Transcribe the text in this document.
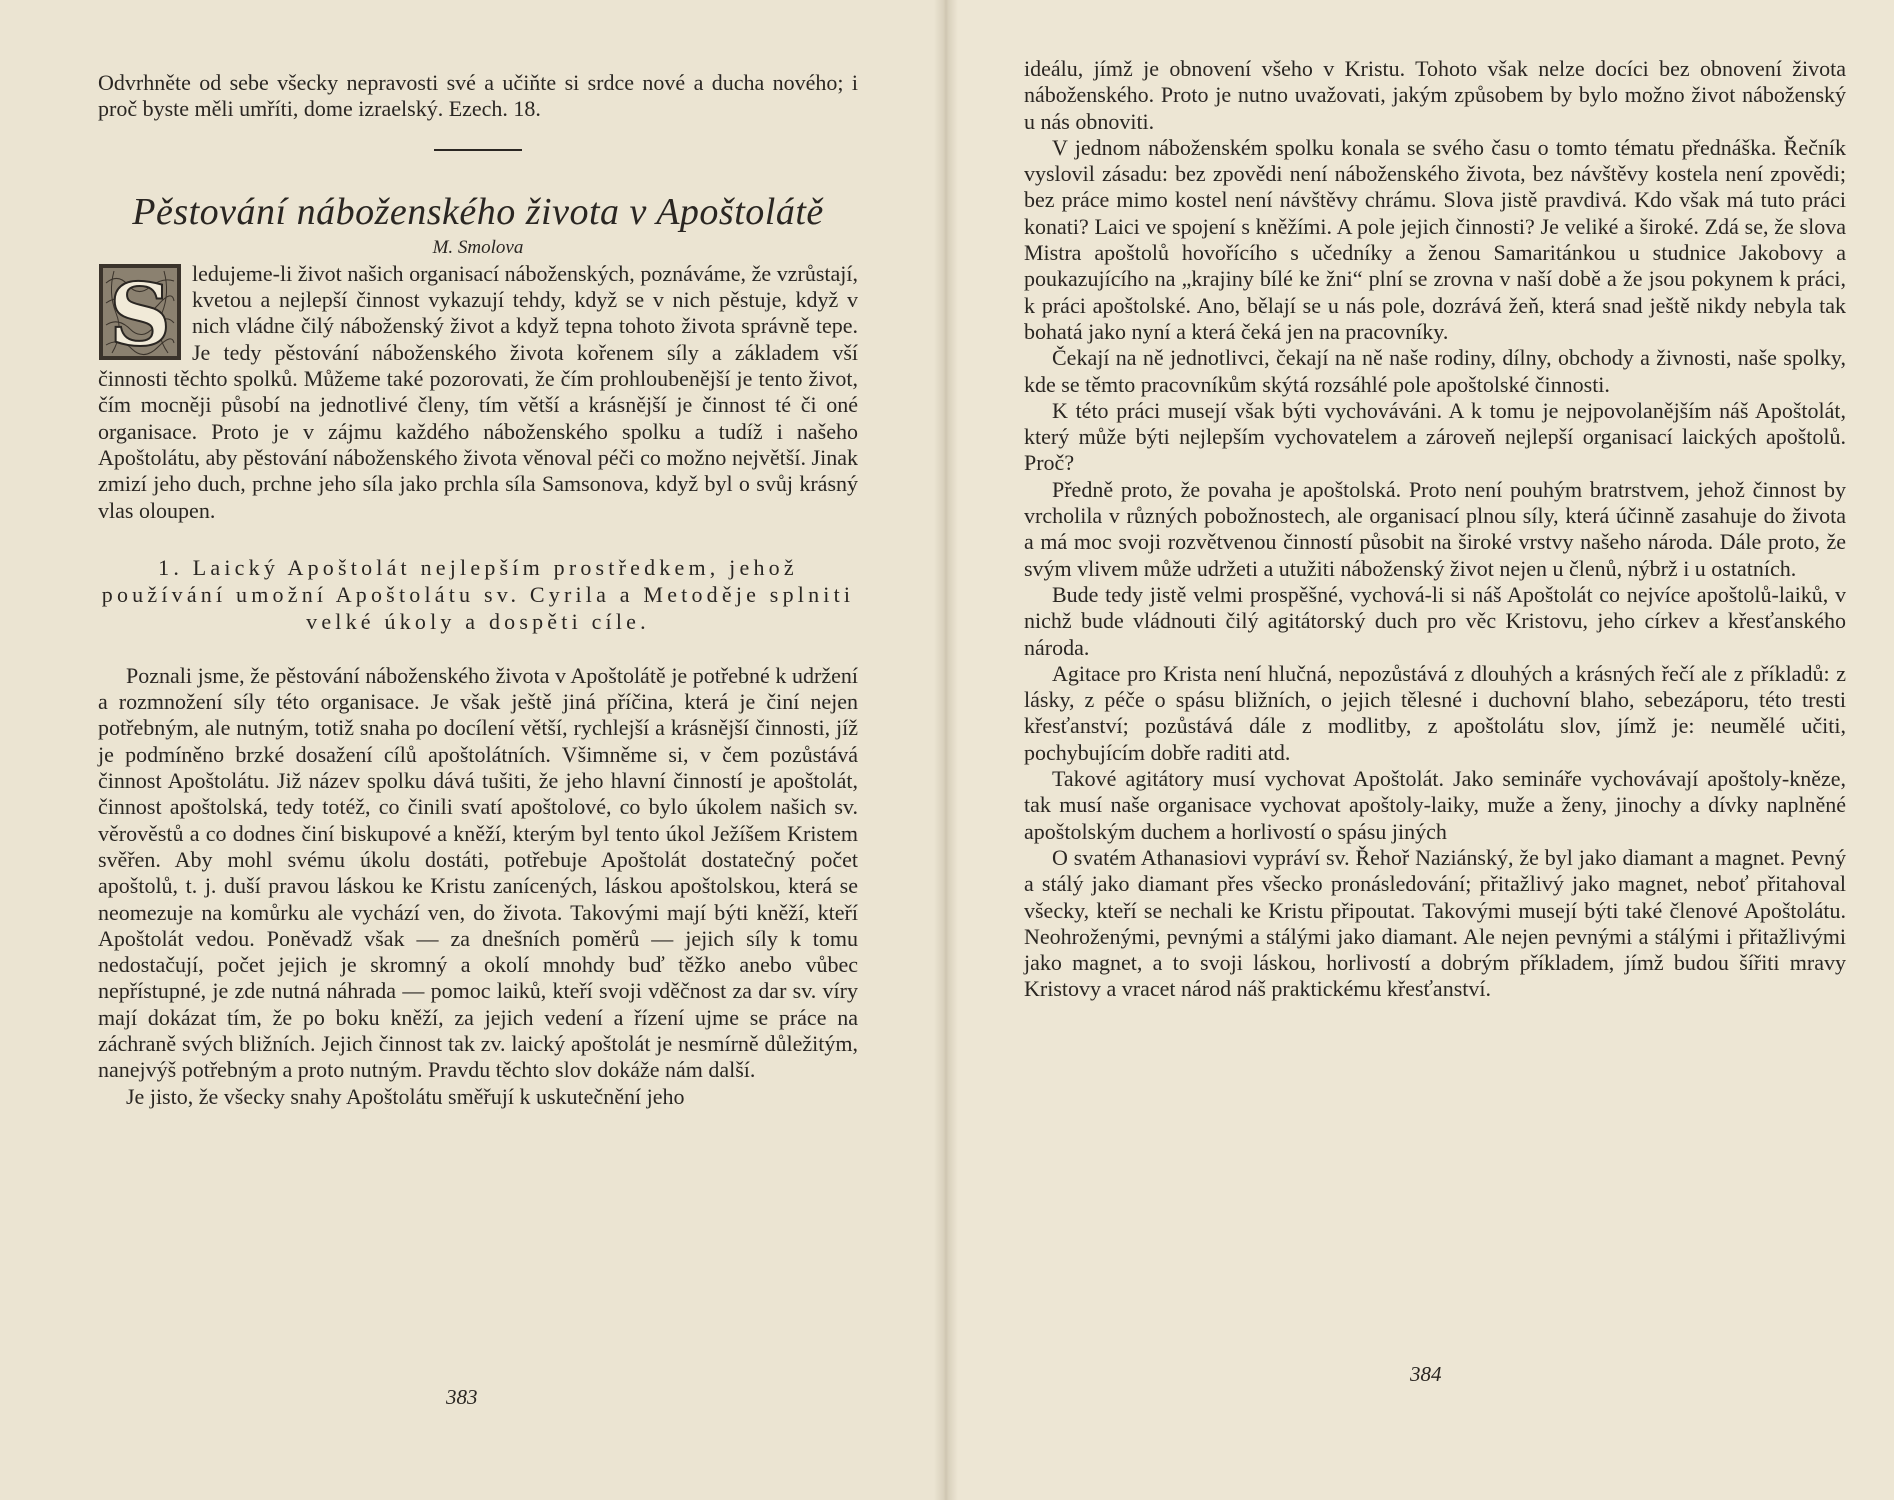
Odvrhněte od sebe všecky nepravosti své a učiňte si srdce nové a ducha nového; i proč byste měli umříti, dome izraelský. Ezech. 18.

Pěstování náboženského života v Apoštolátě

M. Smolova

S ledujeme-li život našich organisací náboženských, poznáváme, že vzrůstají, kvetou a nejlepší činnost vykazují tehdy, když se v nich pěstuje, když v nich vládne čilý náboženský život a když tepna tohoto života správně tepe. Je tedy pěstování náboženského života kořenem síly a základem vší činnosti těchto spolků. Můžeme také pozorovati, že čím prohloubenější je tento život, čím mocněji působí na jednotlivé členy, tím větší a krásnější je činnost té či oné organisace. Proto je v zájmu každého náboženského spolku a tudíž i našeho Apoštolátu, aby pěstování náboženského života věnoval péči co možno největší. Jinak zmizí jeho duch, prchne jeho síla jako prchla síla Samsonova, když byl o svůj krásný vlas oloupen.

1. Laický Apoštolát nejlepším prostředkem, jehož používání umožní Apoštolátu sv. Cyrila a Metoděje splniti velké úkoly a dospěti cíle.

Poznali jsme, že pěstování náboženského života v Apoštolátě je potřebné k udržení a rozmnožení síly této organisace. Je však ještě jiná příčina, která je činí nejen potřebným, ale nutným, totiž snaha po docílení větší, rychlejší a krásnější činnosti, jíž je podmíněno brzké dosažení cílů apoštolátních. Všimněme si, v čem pozůstává činnost Apoštolátu. Již název spolku dává tušiti, že jeho hlavní činností je apoštolát, činnost apoštolská, tedy totéž, co činili svatí apoštolové, co bylo úkolem našich sv. věrověstů a co dodnes činí biskupové a kněží, kterým byl tento úkol Ježíšem Kristem svěřen. Aby mohl svému úkolu dostáti, potřebuje Apoštolát dostatečný počet apoštolů, t. j. duší pravou láskou ke Kristu zanícených, láskou apoštolskou, která se neomezuje na komůrku ale vychází ven, do života. Takovými mají býti kněží, kteří Apoštolát vedou. Poněvadž však — za dnešních poměrů — jejich síly k tomu nedostačují, počet jejich je skromný a okolí mnohdy buď těžko anebo vůbec nepřístupné, je zde nutná náhrada — pomoc laiků, kteří svoji vděčnost za dar sv. víry mají dokázat tím, že po boku kněží, za jejich vedení a řízení ujme se práce na záchraně svých bližních. Jejich činnost tak zv. laický apoštolát je nesmírně důležitým, nanejvýš potřebným a proto nutným. Pravdu těchto slov dokáže nám další.

Je jisto, že všecky snahy Apoštolátu směřují k uskutečnění jeho

383

ideálu, jímž je obnovení všeho v Kristu. Tohoto však nelze docíci bez obnovení života náboženského. Proto je nutno uvažovati, jakým způsobem by bylo možno život náboženský u nás obnoviti.

V jednom náboženském spolku konala se svého času o tomto tématu přednáška. Řečník vyslovil zásadu: bez zpovědi není náboženského života, bez návštěvy kostela není zpovědi; bez práce mimo kostel není návštěvy chrámu. Slova jistě pravdivá. Kdo však má tuto práci konati? Laici ve spojení s kněžími. A pole jejich činnosti? Je veliké a široké. Zdá se, že slova Mistra apoštolů hovořícího s učedníky a ženou Samaritánkou u studnice Jakobovy a poukazujícího na „krajiny bílé ke žni“ plní se zrovna v naší době a že jsou pokynem k práci, k práci apoštolské. Ano, bělají se u nás pole, dozrává žeň, která snad ještě nikdy nebyla tak bohatá jako nyní a která čeká jen na pracovníky.

Čekají na ně jednotlivci, čekají na ně naše rodiny, dílny, obchody a živnosti, naše spolky, kde se těmto pracovníkům skýtá rozsáhlé pole apoštolské činnosti.

K této práci musejí však býti vychováváni. A k tomu je nejpovolanějším náš Apoštolát, který může býti nejlepším vychovatelem a zároveň nejlepší organisací laických apoštolů. Proč?

Předně proto, že povaha je apoštolská. Proto není pouhým bratrstvem, jehož činnost by vrcholila v různých pobožnostech, ale organisací plnou síly, která účinně zasahuje do života a má moc svoji rozvětvenou činností působit na široké vrstvy našeho národa. Dále proto, že svým vlivem může udržeti a utužiti náboženský život nejen u členů, nýbrž i u ostatních.

Bude tedy jistě velmi prospěšné, vychová-li si náš Apoštolát co nejvíce apoštolů-laiků, v nichž bude vládnouti čilý agitátorský duch pro věc Kristovu, jeho církev a křesťanského národa.

Agitace pro Krista není hlučná, nepozůstává z dlouhých a krásných řečí ale z příkladů: z lásky, z péče o spásu bližních, o jejich tělesné i duchovní blaho, sebezáporu, této tresti křesťanství; pozůstává dále z modlitby, z apoštolátu slov, jímž je: neumělé učiti, pochybujícím dobře raditi atd.

Takové agitátory musí vychovat Apoštolát. Jako semináře vychovávají apoštoly-kněze, tak musí naše organisace vychovat apoštoly-laiky, muže a ženy, jinochy a dívky naplněné apoštolským duchem a horlivostí o spásu jiných

O svatém Athanasiovi vypráví sv. Řehoř Naziánský, že byl jako diamant a magnet. Pevný a stálý jako diamant přes všecko pronásledování; přitažlivý jako magnet, neboť přitahoval všecky, kteří se nechali ke Kristu připoutat. Takovými musejí býti také členové Apoštolátu. Neohroženými, pevnými a stálými jako diamant. Ale nejen pevnými a stálými i přitažlivými jako magnet, a to svoji láskou, horlivostí a dobrým příkladem, jímž budou šířiti mravy Kristovy a vracet národ náš praktickému křesťanství.

384
